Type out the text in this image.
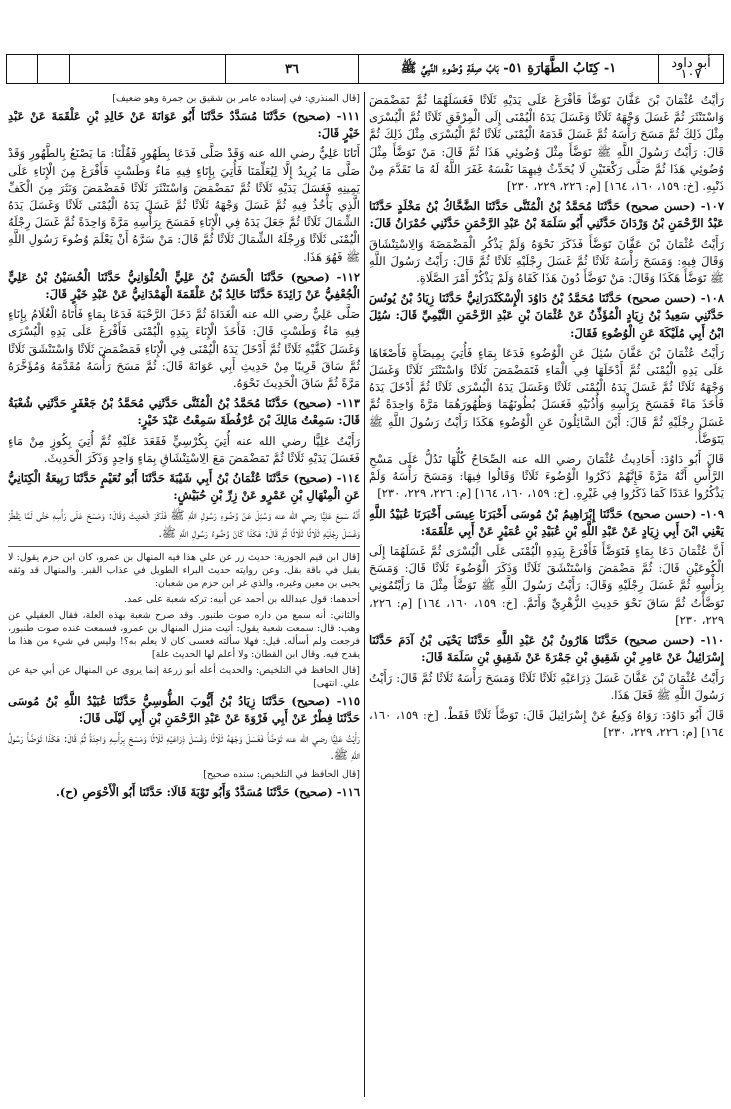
أبو داود
١٠٧
١- كِتَابُ الطَّهَارَةِ ٥١- بَابُ صِفَةِ وُضُوءِ النَّبِيِّ ﷺ
٣٦

رَأَيْتُ عُثْمَانَ بْنَ عَفَّانَ تَوَضَّأَ فَأَفْرَغَ عَلَى يَدَيْهِ ثَلَاثًا فَغَسَلَهُمَا ثُمَّ تَمَضْمَضَ وَاسْتَنْثَرَ ثُمَّ غَسَلَ وَجْهَهُ ثَلَاثًا وَغَسَلَ يَدَهُ الْيُمْنَى إِلَى الْمِرْفَقِ ثَلَاثًا ثُمَّ الْيُسْرَى مِثْلَ ذَلِكَ ثُمَّ مَسَحَ رَأْسَهُ ثُمَّ غَسَلَ قَدَمَهُ الْيُمْنَى ثَلَاثًا ثُمَّ الْيُسْرَى مِثْلَ ذَلِكَ ثُمَّ قَالَ: رَأَيْتُ رَسُولَ اللَّهِ ﷺ تَوَضَّأَ مِثْلَ وُضُوئِي هَذَا ثُمَّ قَالَ: مَنْ تَوَضَّأَ مِثْلَ وُضُوئِي هَذَا ثُمَّ صَلَّى رَكْعَتَيْنِ لَا يُحَدِّثُ فِيهِمَا نَفْسَهُ غَفَرَ اللَّهُ لَهُ مَا تَقَدَّمَ مِنْ ذَنْبِهِ. [خ: ١٥٩، ١٦٠، ١٦٤] [م: ٢٢٦، ٢٢٩، ٢٣٠]

١٠٧- (حسن صحيح) حَدَّثَنَا مُحَمَّدُ بْنُ الْمُثَنَّى حَدَّثَنَا الضَّحَّاكُ بْنُ مَخْلَدٍ حَدَّثَنَا عَبْدُ الرَّحْمَنِ بْنُ وَرْدَانَ حَدَّثَنِي أَبُو سَلَمَةَ بْنُ عَبْدِ الرَّحْمَنِ حَدَّثَنِي حُمْرَانُ قَالَ:

رَأَيْتُ عُثْمَانَ بْنَ عَفَّانَ تَوَضَّأَ فَذَكَرَ نَحْوَهُ وَلَمْ يَذْكُرِ الْمَضْمَضَةَ وَالِاسْتِنْشَاقَ وَقَالَ فِيهِ: وَمَسَحَ رَأْسَهُ ثَلَاثًا ثُمَّ غَسَلَ رِجْلَيْهِ ثَلَاثًا ثُمَّ قَالَ: رَأَيْتُ رَسُولَ اللَّهِ ﷺ تَوَضَّأَ هَكَذَا وَقَالَ: مَنْ تَوَضَّأَ دُونَ هَذَا كَفَاهُ وَلَمْ يَذْكُرْ أَمْرَ الصَّلَاةِ.

١٠٨- (حسن صحيح) حَدَّثَنَا مُحَمَّدُ بْنُ دَاوُدَ الْإِسْكَنْدَرَانِيُّ حَدَّثَنَا زِيَادُ بْنُ يُونُسَ حَدَّثَنِي سَعِيدُ بْنُ زِيَادٍ الْمُؤَذِّنُ عَنْ عُثْمَانَ بْنِ عَبْدِ الرَّحْمَنِ التَّيْمِيِّ قَالَ: سُئِلَ ابْنُ أَبِي مُلَيْكَةَ عَنِ الْوُضُوءِ فَقَالَ:

رَأَيْتُ عُثْمَانَ بْنَ عَفَّانَ سُئِلَ عَنِ الْوُضُوءِ فَدَعَا بِمَاءٍ فَأُتِيَ بِمِيضَأَةٍ فَأَصْغَاهَا عَلَى يَدِهِ الْيُمْنَى ثُمَّ أَدْخَلَهَا فِي الْمَاءِ فَتَمَضْمَضَ ثَلَاثًا وَاسْتَنْثَرَ ثَلَاثًا وَغَسَلَ وَجْهَهُ ثَلَاثًا ثُمَّ غَسَلَ يَدَهُ الْيُمْنَى ثَلَاثًا وَغَسَلَ يَدَهُ الْيُسْرَى ثَلَاثًا ثُمَّ أَدْخَلَ يَدَهُ فَأَخَذَ مَاءً فَمَسَحَ بِرَأْسِهِ وَأُذُنَيْهِ فَغَسَلَ بُطُونَهُمَا وَظُهُورَهُمَا مَرَّةً وَاحِدَةً ثُمَّ غَسَلَ رِجْلَيْهِ ثُمَّ قَالَ: أَيْنَ السَّائِلُونَ عَنِ الْوُضُوءِ هَكَذَا رَأَيْتُ رَسُولَ اللَّهِ ﷺ يَتَوَضَّأُ.

قَالَ أَبُو دَاوُدَ: أَحَادِيثُ عُثْمَانَ رضي الله عنه الصِّحَاحُ كُلُّهَا تَدُلُّ عَلَى مَسْحِ الرَّأْسِ أَنَّهُ مَرَّةً فَإِنَّهُمْ ذَكَرُوا الْوُضُوءَ ثَلَاثًا وَقَالُوا فِيهَا: وَمَسَحَ رَأْسَهُ وَلَمْ يَذْكُرُوا عَدَدًا كَمَا ذَكَرُوا فِي غَيْرِهِ. [خ: ١٥٩، ١٦٠، ١٦٤] [م: ٢٢٦، ٢٢٩، ٢٣٠]

١٠٩- (حسن صحيح) حَدَّثَنَا إِبْرَاهِيمُ بْنُ مُوسَى أَخْبَرَنَا عِيسَى أَخْبَرَنَا عُبَيْدُ اللَّهِ يَعْنِي ابْنَ أَبِي زِيَادٍ عَنْ عَبْدِ اللَّهِ بْنِ عُبَيْدِ بْنِ عُمَيْرٍ عَنْ أَبِي عَلْقَمَةَ:

أَنَّ عُثْمَانَ دَعَا بِمَاءٍ فَتَوَضَّأَ فَأَفْرَغَ بِيَدِهِ الْيُمْنَى عَلَى الْيُسْرَى ثُمَّ غَسَلَهُمَا إِلَى الْكُوعَيْنِ قَالَ: ثُمَّ مَضْمَضَ وَاسْتَنْشَقَ ثَلَاثًا وَذَكَرَ الْوُضُوءَ ثَلَاثًا قَالَ: وَمَسَحَ بِرَأْسِهِ ثُمَّ غَسَلَ رِجْلَيْهِ وَقَالَ: رَأَيْتُ رَسُولَ اللَّهِ ﷺ تَوَضَّأَ مِثْلَ مَا رَأَيْتُمُونِي تَوَضَّأْتُ ثُمَّ سَاقَ نَحْوَ حَدِيثِ الزُّهْرِيِّ وَأَتَمَّ. [خ: ١٥٩، ١٦٠، ١٦٤] [م: ٢٢٦، ٢٢٩، ٢٣٠]

١١٠- (حسن صحيح) حَدَّثَنَا هَارُونُ بْنُ عَبْدِ اللَّهِ حَدَّثَنَا يَحْيَى بْنُ آدَمَ حَدَّثَنَا إِسْرَائِيلُ عَنْ عَامِرِ بْنِ شَقِيقِ بْنِ جَمْرَةَ عَنْ شَقِيقِ بْنِ سَلَمَةَ قَالَ:

رَأَيْتُ عُثْمَانَ بْنَ عَفَّانَ غَسَلَ ذِرَاعَيْهِ ثَلَاثًا ثَلَاثًا وَمَسَحَ رَأْسَهُ ثَلَاثًا ثُمَّ قَالَ: رَأَيْتُ رَسُولَ اللَّهِ ﷺ فَعَلَ هَذَا.

قَالَ أَبُو دَاوُدَ: رَوَاهُ وَكِيعٌ عَنْ إِسْرَائِيلَ قَالَ: تَوَضَّأَ ثَلَاثًا فَقَطْ. [خ: ١٥٩، ١٦٠، ١٦٤] [م: ٢٢٦، ٢٢٩، ٢٣٠]

[قال المنذري: في إسناده عامر بن شقيق بن جمرة وهو ضعيف]

١١١- (صحيح) حَدَّثَنَا مُسَدَّدٌ حَدَّثَنَا أَبُو عَوَانَةَ عَنْ خَالِدِ بْنِ عَلْقَمَةَ عَنْ عَبْدِ خَيْرٍ قَالَ:

أَتَانَا عَلِيٌّ رضي الله عنه وَقَدْ صَلَّى فَدَعَا بِطَهُورٍ فَقُلْنَا: مَا يَصْنَعُ بِالطَّهُورِ وَقَدْ صَلَّى مَا يُرِيدُ إِلَّا لِيُعَلِّمَنَا فَأُتِيَ بِإِنَاءٍ فِيهِ مَاءٌ وَطَسْتٍ فَأَفْرَغَ مِنَ الْإِنَاءِ عَلَى يَمِينِهِ فَغَسَلَ يَدَيْهِ ثَلَاثًا ثُمَّ تَمَضْمَضَ وَاسْتَنْثَرَ ثَلَاثًا فَمَضْمَضَ وَنَثَرَ مِنَ الْكَفِّ الَّذِي يَأْخُذُ فِيهِ ثُمَّ غَسَلَ وَجْهَهُ ثَلَاثًا ثُمَّ غَسَلَ يَدَهُ الْيُمْنَى ثَلَاثًا وَغَسَلَ يَدَهُ الشِّمَالَ ثَلَاثًا ثُمَّ جَعَلَ يَدَهُ فِي الْإِنَاءِ فَمَسَحَ بِرَأْسِهِ مَرَّةً وَاحِدَةً ثُمَّ غَسَلَ رِجْلَهُ الْيُمْنَى ثَلَاثًا وَرِجْلَهُ الشِّمَالَ ثَلَاثًا ثُمَّ قَالَ: مَنْ سَرَّهُ أَنْ يَعْلَمَ وُضُوءَ رَسُولِ اللَّهِ ﷺ فَهُوَ هَذَا.

١١٢- (صحيح) حَدَّثَنَا الْحَسَنُ بْنُ عَلِيٍّ الْحُلْوَانِيُّ حَدَّثَنَا الْحُسَيْنُ بْنُ عَلِيٍّ الْجُعْفِيُّ عَنْ زَائِدَةَ حَدَّثَنَا خَالِدُ بْنُ عَلْقَمَةَ الْهَمْدَانِيُّ عَنْ عَبْدِ خَيْرٍ قَالَ:

صَلَّى عَلِيٌّ رضي الله عنه الْغَدَاةَ ثُمَّ دَخَلَ الرَّحْبَةَ فَدَعَا بِمَاءٍ فَأَتَاهُ الْغُلَامُ بِإِنَاءٍ فِيهِ مَاءٌ وَطَسْتٍ قَالَ: فَأَخَذَ الْإِنَاءَ بِيَدِهِ الْيُمْنَى فَأَفْرَغَ عَلَى يَدِهِ الْيُسْرَى وَغَسَلَ كَفَّيْهِ ثَلَاثًا ثُمَّ أَدْخَلَ يَدَهُ الْيُمْنَى فِي الْإِنَاءِ فَمَضْمَضَ ثَلَاثًا وَاسْتَنْشَقَ ثَلَاثًا ثُمَّ سَاقَ قَرِيبًا مِنْ حَدِيثِ أَبِي عَوَانَةَ قَالَ: ثُمَّ مَسَحَ رَأْسَهُ مُقَدَّمَهُ وَمُؤَخَّرَهُ مَرَّةً ثُمَّ سَاقَ الْحَدِيثَ نَحْوَهُ.

١١٣- (صحيح) حَدَّثَنَا مُحَمَّدُ بْنُ الْمُثَنَّى حَدَّثَنِي مُحَمَّدُ بْنُ جَعْفَرٍ حَدَّثَنِي شُعْبَةُ قَالَ: سَمِعْتُ مَالِكَ بْنَ عُرْفُطَةَ سَمِعْتُ عَبْدَ خَيْرٍ:

رَأَيْتُ عَلِيًّا رضي الله عنه أُتِيَ بِكُرْسِيٍّ فَقَعَدَ عَلَيْهِ ثُمَّ أُتِيَ بِكُوزٍ مِنْ مَاءٍ فَغَسَلَ يَدَيْهِ ثَلَاثًا ثُمَّ تَمَضْمَضَ مَعَ الِاسْتِنْشَاقِ بِمَاءٍ وَاحِدٍ وَذَكَرَ الْحَدِيثَ.

١١٤- (صحيح) حَدَّثَنَا عُثْمَانُ بْنُ أَبِي شَيْبَةَ حَدَّثَنَا أَبُو نُعَيْمٍ حَدَّثَنَا رَبِيعَةُ الْكِنَانِيُّ عَنِ الْمِنْهَالِ بْنِ عَمْرٍو عَنْ زِرِّ بْنِ حُبَيْشٍ:

أَنَّهُ سَمِعَ عَلِيًّا رضي الله عنه وَسُئِلَ عَنْ وُضُوءِ رَسُولِ اللَّهِ ﷺ فَذَكَرَ الْحَدِيثَ وَقَالَ: وَمَسَحَ عَلَى رَأْسِهِ حَتَّى لَمَّا يَقْطُرْ وَغَسَلَ رِجْلَيْهِ ثَلَاثًا ثَلَاثًا ثُمَّ قَالَ: هَكَذَا كَانَ وُضُوءُ رَسُولِ اللَّهِ ﷺ.

[قال ابن قيم الجوزية: حديث زر عن علي هذا فيه المنهال بن عمرو، كان ابن حزم يقول: لا يقبل في باقة بقل. وعن روايته حديث البراء الطويل في عذاب القبر. والمنهال قد وثقه يحيى بن معين وغيره، والذي غر ابن حزم من شعبان:

أحدهما: قول عبدالله بن أحمد عن أبيه: تركه شعبة على عمد.

والثاني: أنه سمع من داره صوت طنبور. وقد صرح شعبة بهذه العلة، فقال العقيلي عن وهب: قال: سمعت شعبة يقول: أتيت منزل المنهال بن عمرو، فسمعت عنده صوت طنبور، فرجعت ولم أسأله. قيل: فهلا سألته فعسى كان لا يعلم به؟! وليس في شيء من هذا ما يقدح فيه. وقال ابن القطان: ولا أعلم لها الحديث علة]

[قال الحافظ في التلخيص: والحديث أعله أبو زرعة إنما يروى عن المنهال عن أبي حية عن علي. انتهى]

١١٥- (صحيح) حَدَّثَنَا زِيَادُ بْنُ أَيُّوبَ الطُّوسِيُّ حَدَّثَنَا عُبَيْدُ اللَّهِ بْنُ مُوسَى حَدَّثَنَا فِطْرٌ عَنْ أَبِي فَرْوَةَ عَنْ عَبْدِ الرَّحْمَنِ بْنِ أَبِي لَيْلَى قَالَ:

رَأَيْتُ عَلِيًّا رضي الله عنه تَوَضَّأَ فَغَسَلَ وَجْهَهُ ثَلَاثًا وَغَسَلَ ذِرَاعَيْهِ ثَلَاثًا وَمَسَحَ بِرَأْسِهِ وَاحِدَةً ثُمَّ قَالَ: هَكَذَا تَوَضَّأَ رَسُولُ اللَّهِ ﷺ.

[قال الحافظ في التلخيص: سنده صحيح]

١١٦- (صحيح) حَدَّثَنَا مُسَدَّدٌ وَأَبُو تَوْبَةَ قَالَا: حَدَّثَنَا أَبُو الْأَحْوَصِ (ح).
